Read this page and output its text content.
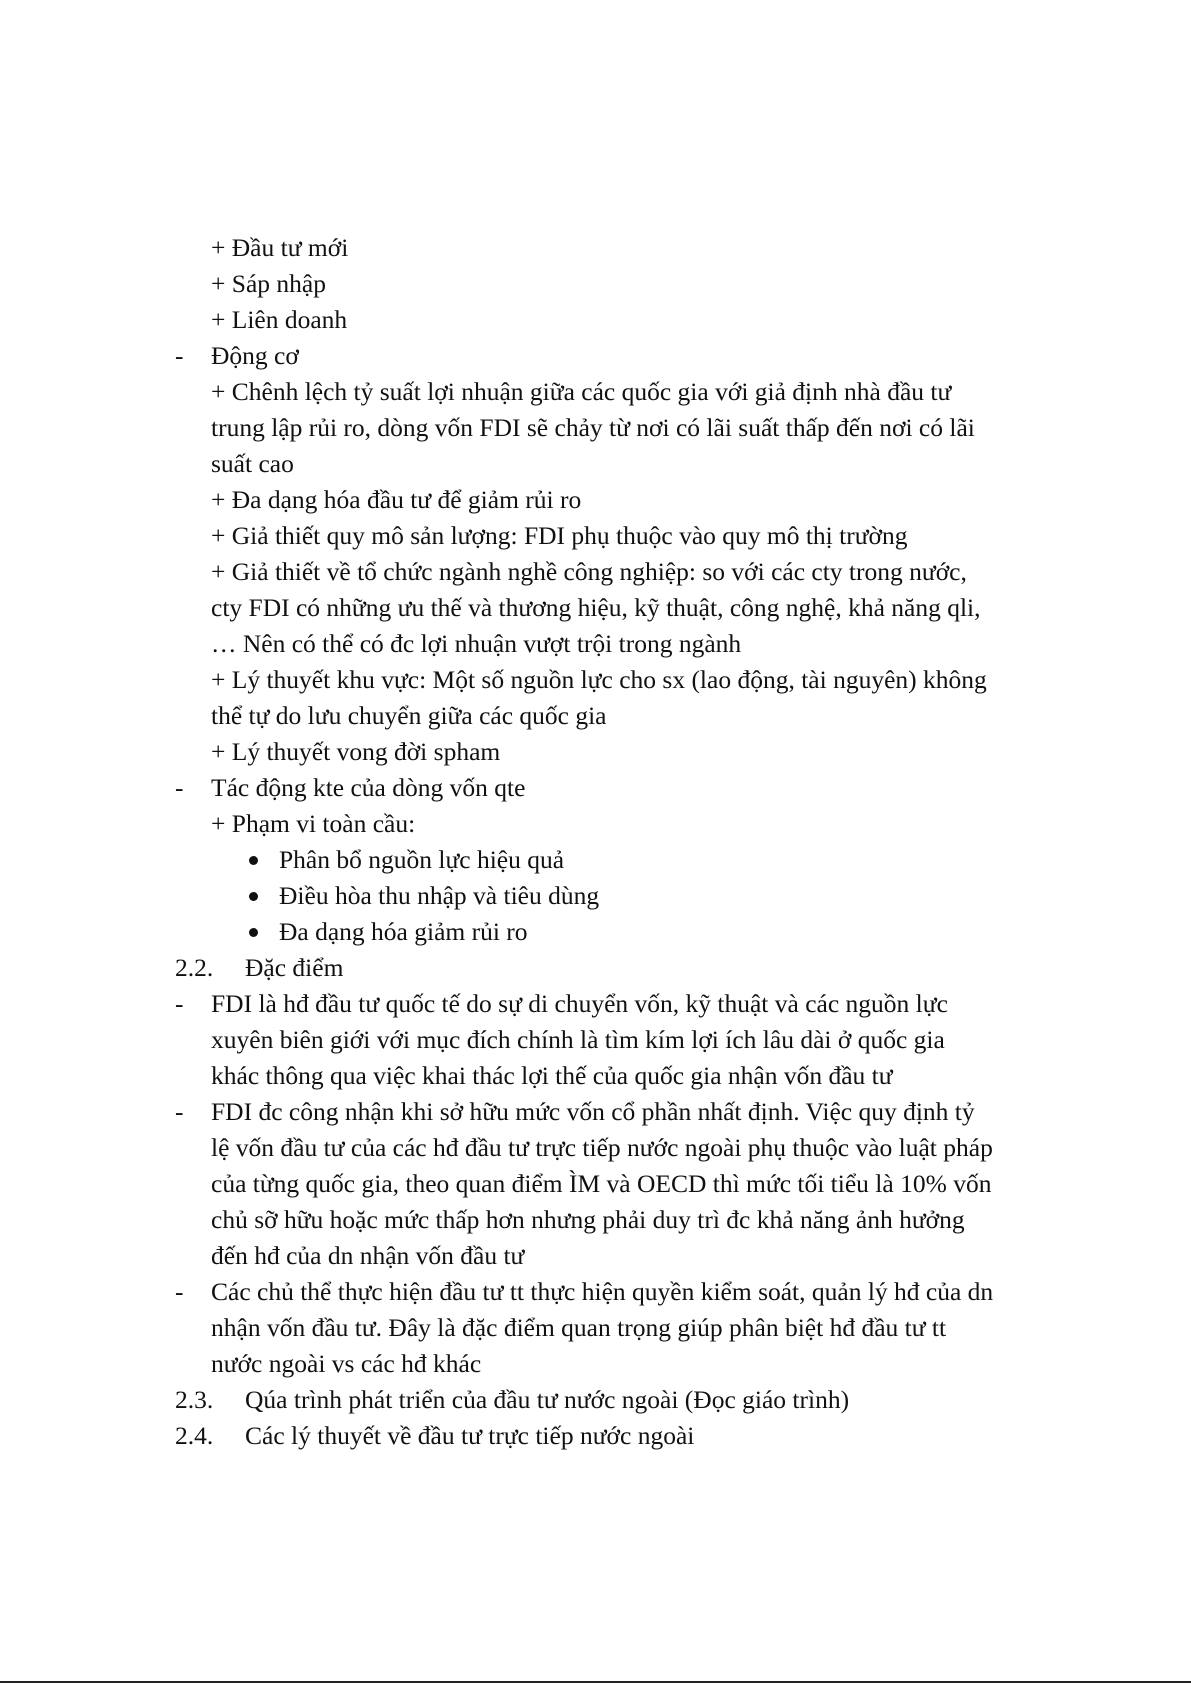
+ Đầu tư mới
+ Sáp nhập
+ Liên doanh
- Động cơ
+ Chênh lệch tỷ suất lợi nhuận giữa các quốc gia với giả định nhà đầu tư
trung lập rủi ro, dòng vốn FDI sẽ chảy từ nơi có lãi suất thấp đến nơi có lãi
suất cao
+ Đa dạng hóa đầu tư để giảm rủi ro
+ Giả thiết quy mô sản lượng: FDI phụ thuộc vào quy mô thị trường
+ Giả thiết về tổ chức ngành nghề công nghiệp: so với các cty trong nước,
cty FDI có những ưu thế và thương hiệu, kỹ thuật, công nghệ, khả năng qli,
… Nên có thể có đc lợi nhuận vượt trội trong ngành
+ Lý thuyết khu vực: Một số nguồn lực cho sx (lao động, tài nguyên) không
thể tự do lưu chuyển giữa các quốc gia
+ Lý thuyết vong đời spham
- Tác động kte của dòng vốn qte
+ Phạm vi toàn cầu:
Phân bổ nguồn lực hiệu quả
Điều hòa thu nhập và tiêu dùng
Đa dạng hóa giảm rủi ro
2.2. Đặc điểm
- FDI là hđ đầu tư quốc tế do sự di chuyển vốn, kỹ thuật và các nguồn lực
xuyên biên giới với mục đích chính là tìm kím lợi ích lâu dài ở quốc gia
khác thông qua việc khai thác lợi thế của quốc gia nhận vốn đầu tư
- FDI đc công nhận khi sở hữu mức vốn cổ phần nhất định. Việc quy định tỷ
lệ vốn đầu tư của các hđ đầu tư trực tiếp nước ngoài phụ thuộc vào luật pháp
của từng quốc gia, theo quan điểm ÌM và OECD thì mức tối tiểu là 10% vốn
chủ sỡ hữu hoặc mức thấp hơn nhưng phải duy trì đc khả năng ảnh hưởng
đến hđ của dn nhận vốn đầu tư
- Các chủ thể thực hiện đầu tư tt thực hiện quyền kiểm soát, quản lý hđ của dn
nhận vốn đầu tư. Đây là đặc điểm quan trọng giúp phân biệt hđ đầu tư tt
nước ngoài vs các hđ khác
2.3. Qúa trình phát triển của đầu tư nước ngoài (Đọc giáo trình)
2.4. Các lý thuyết về đầu tư trực tiếp nước ngoài
